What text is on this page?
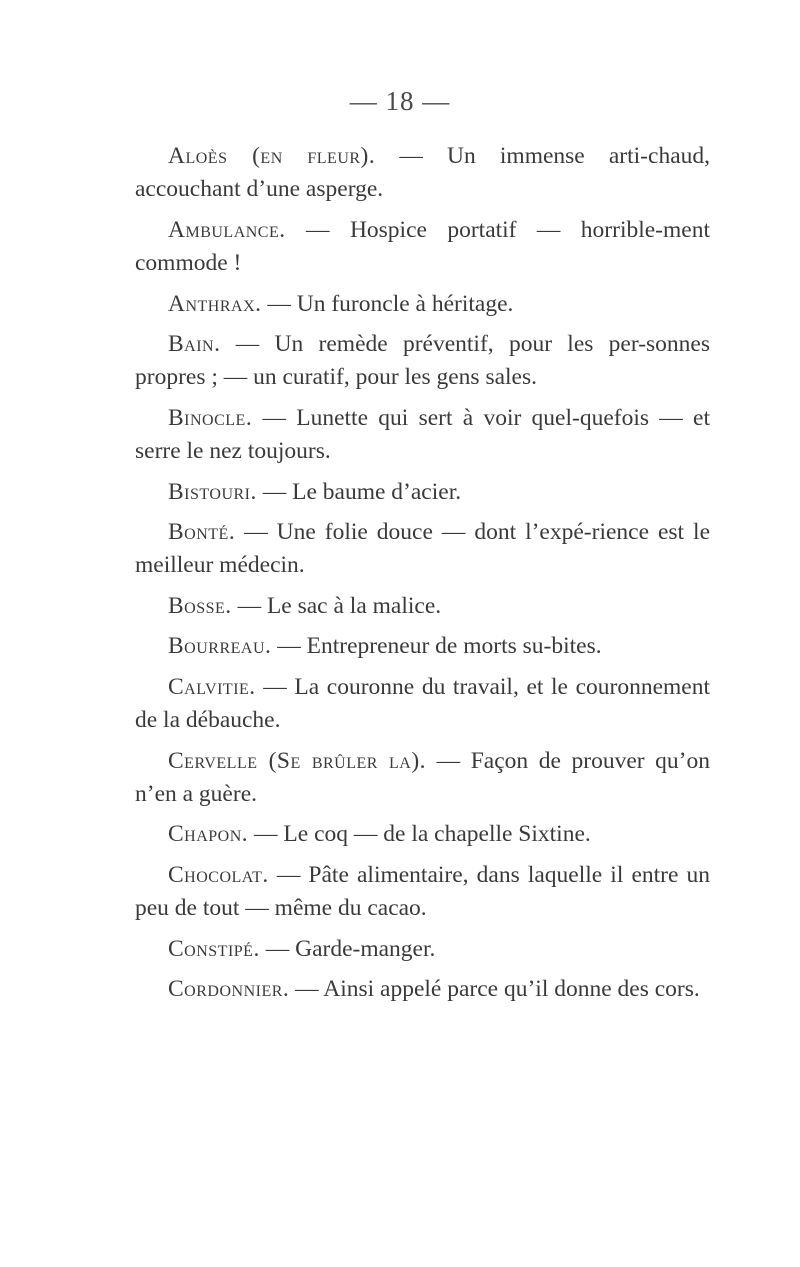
— 18 —

Aloès (en fleur). — Un immense arti-chaud, accouchant d’une asperge.

Ambulance. — Hospice portatif — horrible-ment commode !

Anthrax. — Un furoncle à héritage.

Bain. — Un remède préventif, pour les per-sonnes propres ; — un curatif, pour les gens sales.

Binocle. — Lunette qui sert à voir quel-quefois — et serre le nez toujours.

Bistouri. — Le baume d’acier.

Bonté. — Une folie douce — dont l’expé-rience est le meilleur médecin.

Bosse. — Le sac à la malice.

Bourreau. — Entrepreneur de morts su-bites.

Calvitie. — La couronne du travail, et le couronnement de la débauche.

Cervelle (Se brûler la). — Façon de prouver qu’on n’en a guère.

Chapon. — Le coq — de la chapelle Sixtine.

Chocolat. — Pâte alimentaire, dans laquelle il entre un peu de tout — même du cacao.

Constipé. — Garde-manger.

Cordonnier. — Ainsi appelé parce qu’il donne des cors.
